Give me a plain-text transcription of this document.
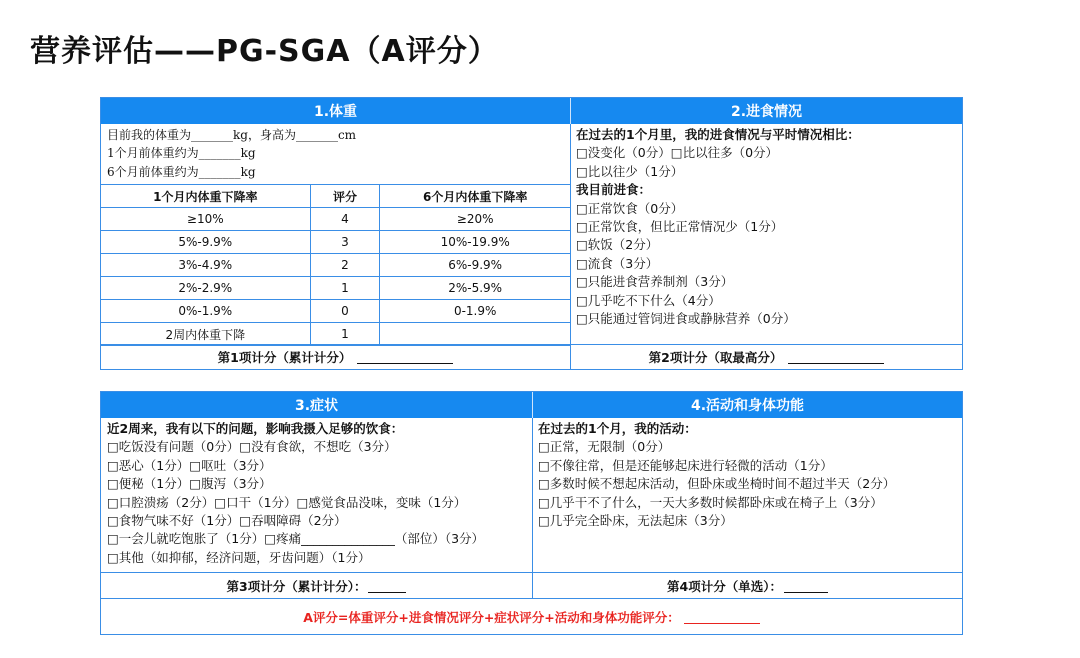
营养评估——PG-SGA（A评分）
1.体重	2.进食情况
目前我的体重为_______kg，身高为_______cm
1个月前体重约为_______kg
6个月前体重约为_______kg
1个月内体重下降率	评分	6个月内体重下降率
≥10%	4	≥20%
5%-9.9%	3	10%-19.9%
3%-4.9%	2	6%-9.9%
2%-2.9%	1	2%-5.9%
0%-1.9%	0	0-1.9%
2周内体重下降	1	
在过去的1个月里，我的进食情况与平时情况相比：
□没变化（0分）□比以往多（0分）
□比以往少（1分）
我目前进食：
□正常饮食（0分）
□正常饮食，但比正常情况少（1分）
□软饭（2分）
□流食（3分）
□只能进食营养制剂（3分）
□几乎吃不下什么（4分）
□只能通过管饲进食或静脉营养（0分）
第1项计分（累计计分）	第2项计分（取最高分）
3.症状	4.活动和身体功能
近2周来，我有以下的问题，影响我摄入足够的饮食：
□吃饭没有问题（0分）□没有食欲，不想吃（3分）
□恶心（1分）□呕吐（3分）
□便秘（1分）□腹泻（3分）
□口腔溃疡（2分）□口干（1分）□感觉食品没味，变味（1分）
□食物气味不好（1分）□吞咽障碍（2分）
□一会儿就吃饱胀了（1分）□疼痛_______________（部位）（3分）
□其他（如抑郁，经济问题，牙齿问题）（1分）
在过去的1个月，我的活动：
□正常，无限制（0分）
□不像往常，但是还能够起床进行轻微的活动（1分）
□多数时候不想起床活动，但卧床或坐椅时间不超过半天（2分）
□几乎干不了什么，一天大多数时候都卧床或在椅子上（3分）
□几乎完全卧床，无法起床（3分）
第3项计分（累计计分）：	第4项计分（单选）：
A评分=体重评分+进食情况评分+症状评分+活动和身体功能评分：
